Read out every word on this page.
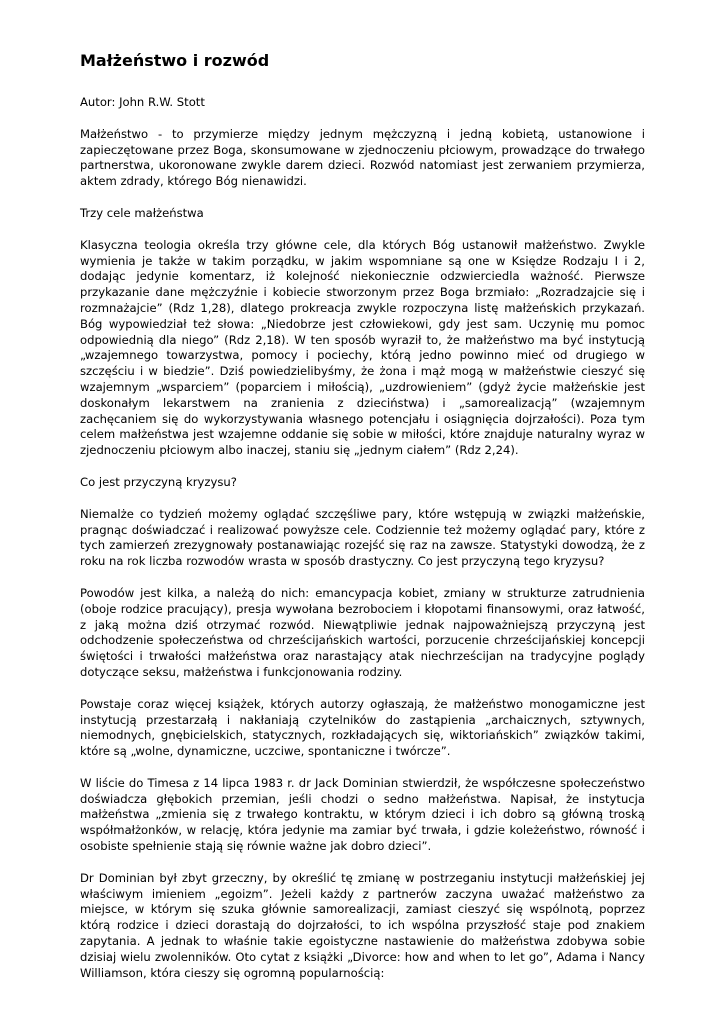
Małżeństwo i rozwód

Autor: John R.W. Stott

Małżeństwo - to przymierze między jednym mężczyzną i jedną kobietą, ustanowione i zapieczętowane przez Boga, skonsumowane w zjednoczeniu płciowym, prowadzące do trwałego partnerstwa, ukoronowane zwykle darem dzieci. Rozwód natomiast jest zerwaniem przymierza, aktem zdrady, którego Bóg nienawidzi.

Trzy cele małżeństwa

Klasyczna teologia określa trzy główne cele, dla których Bóg ustanowił małżeństwo. Zwykle wymienia je także w takim porządku, w jakim wspomniane są one w Księdze Rodzaju I i 2, dodając jedynie komentarz, iż kolejność niekoniecznie odzwierciedla ważność. Pierwsze przykazanie dane mężczyźnie i kobiecie stworzonym przez Boga brzmiało: „Rozradzajcie się i rozmnażajcie” (Rdz 1,28), dlatego prokreacja zwykle rozpoczyna listę małżeńskich przykazań. Bóg wypowiedział też słowa: „Niedobrze jest człowiekowi, gdy jest sam. Uczynię mu pomoc odpowiednią dla niego” (Rdz 2,18). W ten sposób wyraził to, że małżeństwo ma być instytucją „wzajemnego towarzystwa, pomocy i pociechy, którą jedno powinno mieć od drugiego w szczęściu i w biedzie”. Dziś powiedzielibyśmy, że żona i mąż mogą w małżeństwie cieszyć się wzajemnym „wsparciem” (poparciem i miłością), „uzdrowieniem” (gdyż życie małżeńskie jest doskonałym lekarstwem na zranienia z dzieciństwa) i „samorealizacją” (wzajemnym zachęcaniem się do wykorzystywania własnego potencjału i osiągnięcia dojrzałości). Poza tym celem małżeństwa jest wzajemne oddanie się sobie w miłości, które znajduje naturalny wyraz w zjednoczeniu płciowym albo inaczej, staniu się „jednym ciałem” (Rdz 2,24).

Co jest przyczyną kryzysu?

Niemalże co tydzień możemy oglądać szczęśliwe pary, które wstępują w związki małżeńskie, pragnąc doświadczać i realizować powyższe cele. Codziennie też możemy oglądać pary, które z tych zamierzeń zrezygnowały postanawiając rozejść się raz na zawsze. Statystyki dowodzą, że z roku na rok liczba rozwodów wrasta w sposób drastyczny. Co jest przyczyną tego kryzysu?

Powodów jest kilka, a należą do nich: emancypacja kobiet, zmiany w strukturze zatrudnienia (oboje rodzice pracujący), presja wywołana bezrobociem i kłopotami finansowymi, oraz łatwość, z jaką można dziś otrzymać rozwód. Niewątpliwie jednak najpoważniejszą przyczyną jest odchodzenie społeczeństwa od chrześcijańskich wartości, porzucenie chrześcijańskiej koncepcji świętości i trwałości małżeństwa oraz narastający atak niechrześcijan na tradycyjne poglądy dotyczące seksu, małżeństwa i funkcjonowania rodziny.

Powstaje coraz więcej książek, których autorzy ogłaszają, że małżeństwo monogamiczne jest instytucją przestarzałą i nakłaniają czytelników do zastąpienia „archaicznych, sztywnych, niemodnych, gnębicielskich, statycznych, rozkładających się, wiktoriańskich” związków takimi, które są „wolne, dynamiczne, uczciwe, spontaniczne i twórcze”.

W liście do Timesa z 14 lipca 1983 r. dr Jack Dominian stwierdził, że współczesne społeczeństwo doświadcza głębokich przemian, jeśli chodzi o sedno małżeństwa. Napisał, że instytucja małżeństwa „zmienia się z trwałego kontraktu, w którym dzieci i ich dobro są główną troską współmałżonków, w relację, która jedynie ma zamiar być trwała, i gdzie koleżeństwo, równość i osobiste spełnienie stają się równie ważne jak dobro dzieci”.

Dr Dominian był zbyt grzeczny, by określić tę zmianę w postrzeganiu instytucji małżeńskiej jej właściwym imieniem „egoizm”. Jeżeli każdy z partnerów zaczyna uważać małżeństwo za miejsce, w którym się szuka głównie samorealizacji, zamiast cieszyć się wspólnotą, poprzez którą rodzice i dzieci dorastają do dojrzałości, to ich wspólna przyszłość staje pod znakiem zapytania. A jednak to właśnie takie egoistyczne nastawienie do małżeństwa zdobywa sobie dzisiaj wielu zwolenników. Oto cytat z książki „Divorce: how and when to let go”, Adama i Nancy Williamson, która cieszy się ogromną popularnością:
